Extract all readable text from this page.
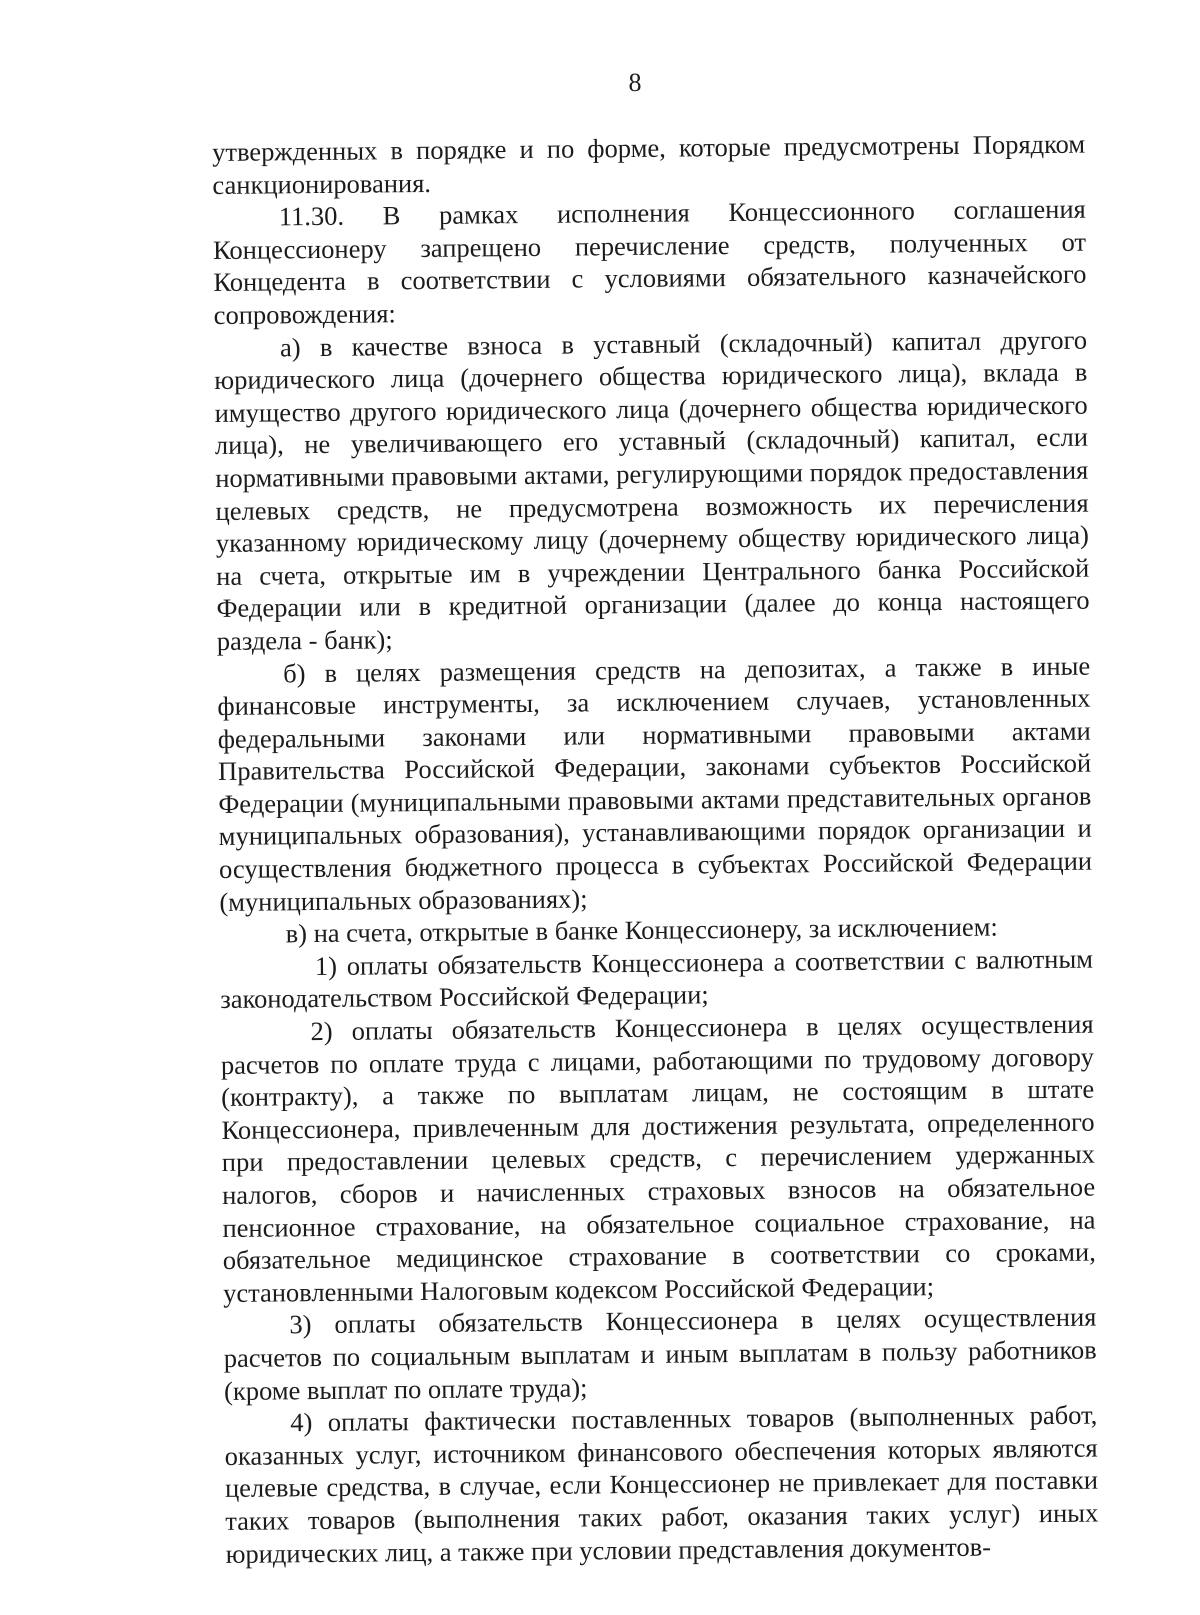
8

утвержденных в порядке и по форме, которые предусмотрены Порядком санкционирования.

11.30. В рамках исполнения Концессионного соглашения Концессионеру запрещено перечисление средств, полученных от Концедента в соответствии с условиями обязательного казначейского сопровождения:

а) в качестве взноса в уставный (складочный) капитал другого юридического лица (дочернего общества юридического лица), вклада в имущество другого юридического лица (дочернего общества юридического лица), не увеличивающего его уставный (складочный) капитал, если нормативными правовыми актами, регулирующими порядок предоставления целевых средств, не предусмотрена возможность их перечисления указанному юридическому лицу (дочернему обществу юридического лица) на счета, открытые им в учреждении Центрального банка Российской Федерации или в кредитной организации (далее до конца настоящего раздела - банк);

б) в целях размещения средств на депозитах, а также в иные финансовые инструменты, за исключением случаев, установленных федеральными законами или нормативными правовыми актами Правительства Российской Федерации, законами субъектов Российской Федерации (муниципальными правовыми актами представительных органов муниципальных образования), устанавливающими порядок организации и осуществления бюджетного процесса в субъектах Российской Федерации (муниципальных образованиях);

в) на счета, открытые в банке Концессионеру, за исключением:

1) оплаты обязательств Концессионера а соответствии с валютным законодательством Российской Федерации;

2) оплаты обязательств Концессионера в целях осуществления расчетов по оплате труда с лицами, работающими по трудовому договору (контракту), а также по выплатам лицам, не состоящим в штате Концессионера, привлеченным для достижения результата, определенного при предоставлении целевых средств, с перечислением удержанных налогов, сборов и начисленных страховых взносов на обязательное пенсионное страхование, на обязательное социальное страхование, на обязательное медицинское страхование в соответствии со сроками, установленными Налоговым кодексом Российской Федерации;

3) оплаты обязательств Концессионера в целях осуществления расчетов по социальным выплатам и иным выплатам в пользу работников (кроме выплат по оплате труда);

4) оплаты фактически поставленных товаров (выполненных работ, оказанных услуг, источником финансового обеспечения которых являются целевые средства, в случае, если Концессионер не привлекает для поставки таких товаров (выполнения таких работ, оказания таких услуг) иных юридических лиц, а также при условии представления документов-
